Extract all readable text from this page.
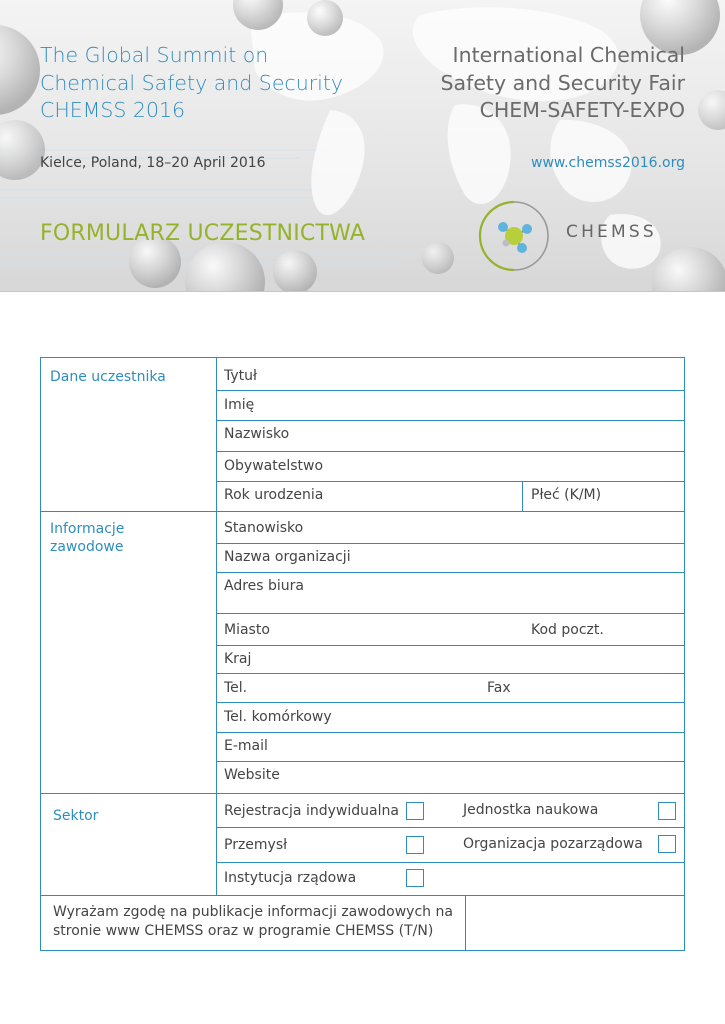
The Global Summit on
Chemical Safety and Security
CHEMSS 2016
International Chemical
Safety and Security Fair
CHEM-SAFETY-EXPO
Kielce, Poland, 18–20 April 2016	www.chemss2016.org
FORMULARZ UCZESTNICTWA	CHEMSS
Dane uczestnika	Tytuł
Imię
Nazwisko
Obywatelstwo
Rok urodzenia	Płeć (K/M)
Informacje
zawodowe
Stanowisko
Nazwa organizacji
Adres biura
Miasto	Kod poczt.
Kraj
Tel.	Fax
Tel. komórkowy
E-mail
Website
Sektor	Rejestracja indywidualna	Jednostka naukowa
Przemysł	Organizacja pozarządowa
Instytucja rządowa
Wyrażam zgodę na publikacje informacji zawodowych na
stronie www CHEMSS oraz w programie CHEMSS (T/N)
